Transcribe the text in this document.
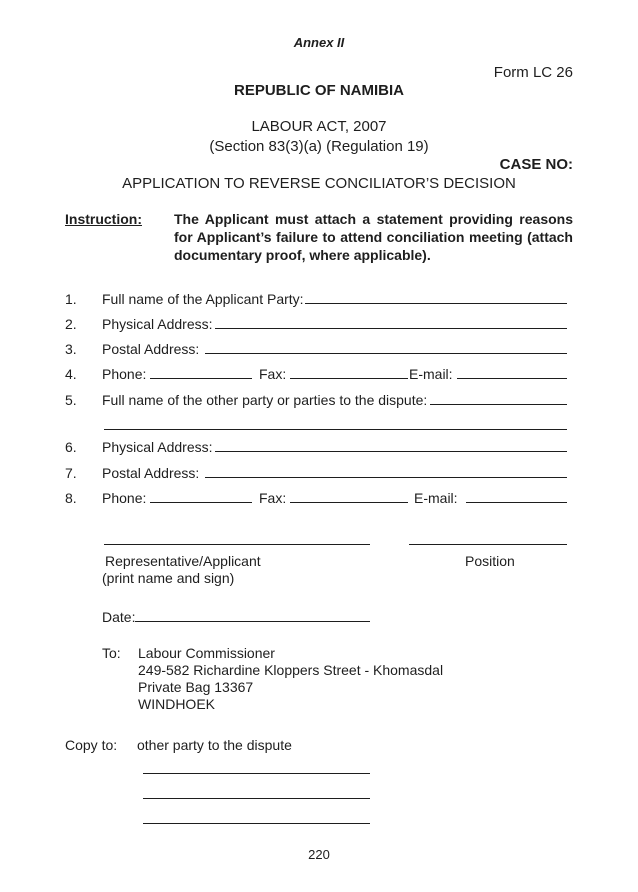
Annex II
Form LC 26
REPUBLIC OF NAMIBIA
LABOUR ACT, 2007
(Section 83(3)(a) (Regulation 19)
CASE NO:
APPLICATION TO REVERSE CONCILIATOR’S DECISION
Instruction: The Applicant must attach a statement providing reasons
for Applicant’s failure to attend conciliation meeting (attach
documentary proof, where applicable).
1. Full name of the Applicant Party:
2. Physical Address:
3. Postal Address:
4. Phone:	Fax:	E-mail:
5. Full name of the other party or parties to the dispute:
6. Physical Address:
7. Postal Address:
8. Phone:	Fax:	E-mail:
Representative/Applicant	Position
(print name and sign)
Date:
To: Labour Commissioner
249-582 Richardine Kloppers Street - Khomasdal
Private Bag 13367
WINDHOEK
Copy to: other party to the dispute
220
